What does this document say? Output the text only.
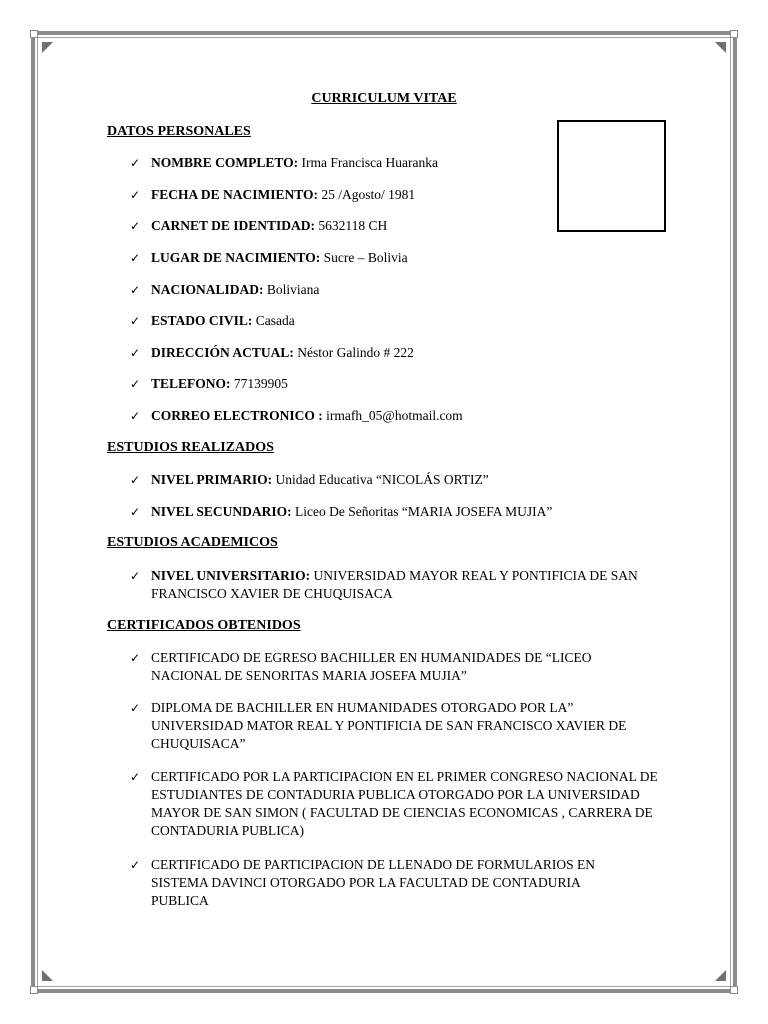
CURRICULUM VITAE
DATOS PERSONALES
✓ NOMBRE COMPLETO: Irma Francisca Huaranka
✓ FECHA DE NACIMIENTO: 25 /Agosto/ 1981
✓ CARNET DE IDENTIDAD: 5632118 CH
✓ LUGAR DE NACIMIENTO: Sucre – Bolivia
✓ NACIONALIDAD: Boliviana
✓ ESTADO CIVIL: Casada
✓ DIRECCIÓN ACTUAL: Néstor Galindo # 222
✓ TELEFONO: 77139905
✓ CORREO ELECTRONICO : irmafh_05@hotmail.com
ESTUDIOS REALIZADOS
✓ NIVEL PRIMARIO: Unidad Educativa “NICOLÁS ORTIZ”
✓ NIVEL SECUNDARIO: Liceo De Señoritas “MARIA JOSEFA MUJIA”
ESTUDIOS ACADEMICOS
✓ NIVEL UNIVERSITARIO: UNIVERSIDAD MAYOR REAL Y PONTIFICIA DE SAN FRANCISCO XAVIER DE CHUQUISACA
CERTIFICADOS OBTENIDOS
✓ CERTIFICADO DE EGRESO BACHILLER EN HUMANIDADES DE “LICEO NACIONAL DE SENORITAS MARIA JOSEFA MUJIA”
✓ DIPLOMA DE BACHILLER EN HUMANIDADES OTORGADO POR LA” UNIVERSIDAD MATOR REAL Y PONTIFICIA DE SAN FRANCISCO XAVIER DE CHUQUISACA”
✓ CERTIFICADO POR LA PARTICIPACION EN EL PRIMER CONGRESO NACIONAL DE ESTUDIANTES DE CONTADURIA PUBLICA OTORGADO POR LA UNIVERSIDAD MAYOR DE SAN SIMON ( FACULTAD DE CIENCIAS ECONOMICAS , CARRERA DE CONTADURIA PUBLICA)
✓ CERTIFICADO DE PARTICIPACION DE LLENADO DE FORMULARIOS EN SISTEMA DAVINCI OTORGADO POR LA FACULTAD DE CONTADURIA PUBLICA
